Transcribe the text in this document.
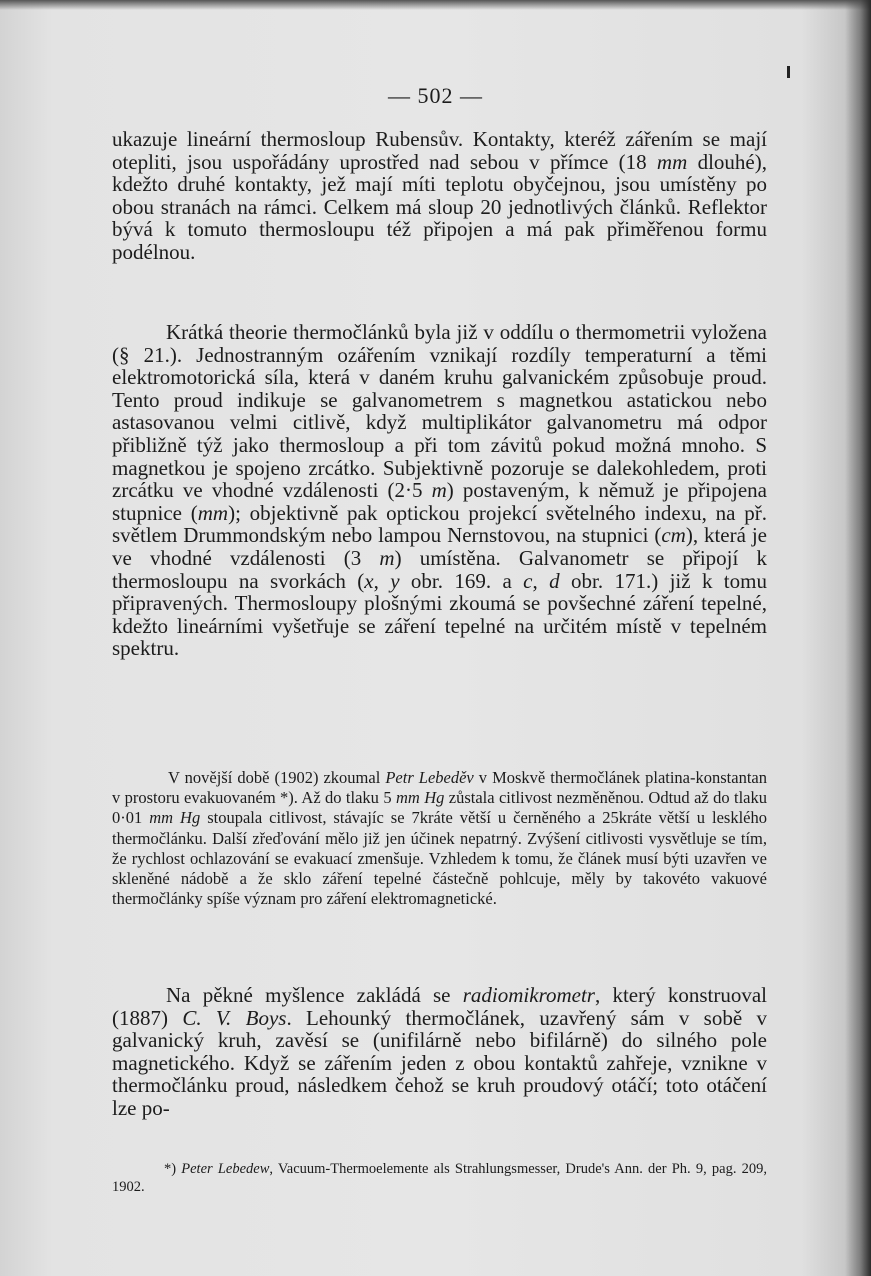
— 502 —

ukazuje lineární thermosloup Rubensův. Kontakty, kteréž zářením se mají otepliti, jsou uspořádány uprostřed nad sebou v přímce (18 mm dlouhé), kdežto druhé kontakty, jež mají míti teplotu obyčejnou, jsou umístěny po obou stranách na rámci. Celkem má sloup 20 jednotlivých článků. Reflektor bývá k tomuto thermosloupu též připojen a má pak přiměřenou formu podélnou.

Krátká theorie thermočlánků byla již v oddílu o thermometrii vyložena (§ 21.). Jednostranným ozářením vznikají rozdíly temperaturní a těmi elektromotorická síla, která v daném kruhu galvanickém způsobuje proud. Tento proud indikuje se galvanometrem s magnetkou astatickou nebo astasovanou velmi citlivě, když multiplikátor galvanometru má odpor přibližně týž jako thermosloup a při tom závitů pokud možná mnoho. S magnetkou je spojeno zrcátko. Subjektivně pozoruje se dalekohledem, proti zrcátku ve vhodné vzdálenosti (2·5 m) postaveným, k němuž je připojena stupnice (mm); objektivně pak optickou projekcí světelného indexu, na př. světlem Drummondským nebo lampou Nernstovou, na stupnici (cm), která je ve vhodné vzdálenosti (3 m) umístěna. Galvanometr se připojí k thermosloupu na svorkách (x, y obr. 169. a c, d obr. 171.) již k tomu připravených. Thermosloupy plošnými zkoumá se povšechné záření tepelné, kdežto lineárními vyšetřuje se záření tepelné na určitém místě v tepelném spektru.

V novější době (1902) zkoumal Petr Lebeděv v Moskvě thermočlánek platina-konstantan v prostoru evakuovaném *). Až do tlaku 5 mm Hg zůstala citlivost nezměněnou. Odtud až do tlaku 0·01 mm Hg stoupala citlivost, stávajíc se 7kráte větší u černěného a 25kráte větší u lesklého thermočlánku. Další zřeďování mělo již jen účinek nepatrný. Zvýšení citlivosti vysvětluje se tím, že rychlost ochlazování se evakuací zmenšuje. Vzhledem k tomu, že článek musí býti uzavřen ve skleněné nádobě a že sklo záření tepelné částečně pohlcuje, měly by takovéto vakuové thermočlánky spíše význam pro záření elektromagnetické.

Na pěkné myšlence zakládá se radiomikrometr, který konstruoval (1887) C. V. Boys. Lehounký thermočlánek, uzavřený sám v sobě v galvanický kruh, zavěsí se (unifilárně nebo bifilárně) do silného pole magnetického. Když se zářením jeden z obou kontaktů zahřeje, vznikne v thermočlánku proud, následkem čehož se kruh proudový otáčí; toto otáčení lze po-

*) Peter Lebedew, Vacuum-Thermoelemente als Strahlungsmesser, Drude's Ann. der Ph. 9, pag. 209, 1902.
